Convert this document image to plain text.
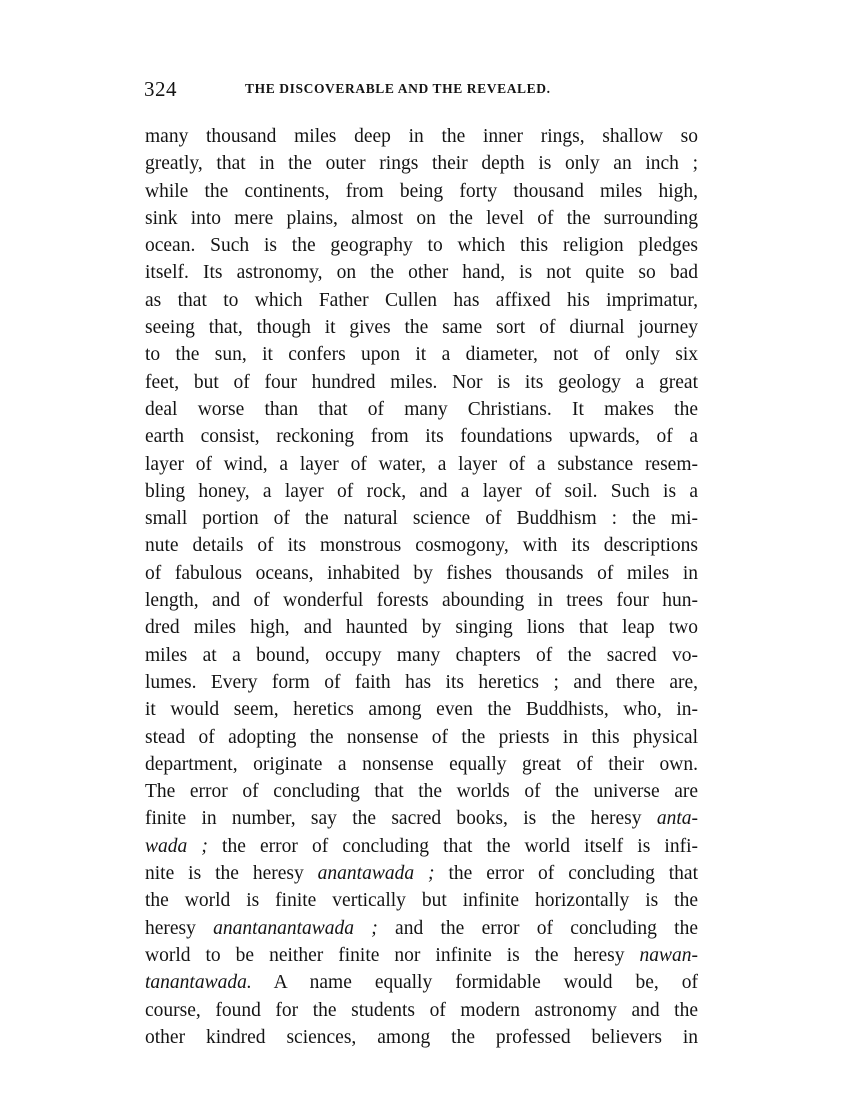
324	THE DISCOVERABLE AND THE REVEALED.
many thousand miles deep in the inner rings, shallow so
greatly, that in the outer rings their depth is only an inch ;
while the continents, from being forty thousand miles high,
sink into mere plains, almost on the level of the surrounding
ocean. Such is the geography to which this religion pledges
itself. Its astronomy, on the other hand, is not quite so bad
as that to which Father Cullen has affixed his imprimatur,
seeing that, though it gives the same sort of diurnal journey
to the sun, it confers upon it a diameter, not of only six
feet, but of four hundred miles. Nor is its geology a great
deal worse than that of many Christians. It makes the
earth consist, reckoning from its foundations upwards, of a
layer of wind, a layer of water, a layer of a substance resem-
bling honey, a layer of rock, and a layer of soil. Such is a
small portion of the natural science of Buddhism : the mi-
nute details of its monstrous cosmogony, with its descriptions
of fabulous oceans, inhabited by fishes thousands of miles in
length, and of wonderful forests abounding in trees four hun-
dred miles high, and haunted by singing lions that leap two
miles at a bound, occupy many chapters of the sacred vo-
lumes. Every form of faith has its heretics ; and there are,
it would seem, heretics among even the Buddhists, who, in-
stead of adopting the nonsense of the priests in this physical
department, originate a nonsense equally great of their own.
The error of concluding that the worlds of the universe are
finite in number, say the sacred books, is the heresy anta-
wada ; the error of concluding that the world itself is infi-
nite is the heresy anantawada ; the error of concluding that
the world is finite vertically but infinite horizontally is the
heresy anantanantawada ; and the error of concluding the
world to be neither finite nor infinite is the heresy nawan-
tanantawada. A name equally formidable would be, of
course, found for the students of modern astronomy and the
other kindred sciences, among the professed believers in
